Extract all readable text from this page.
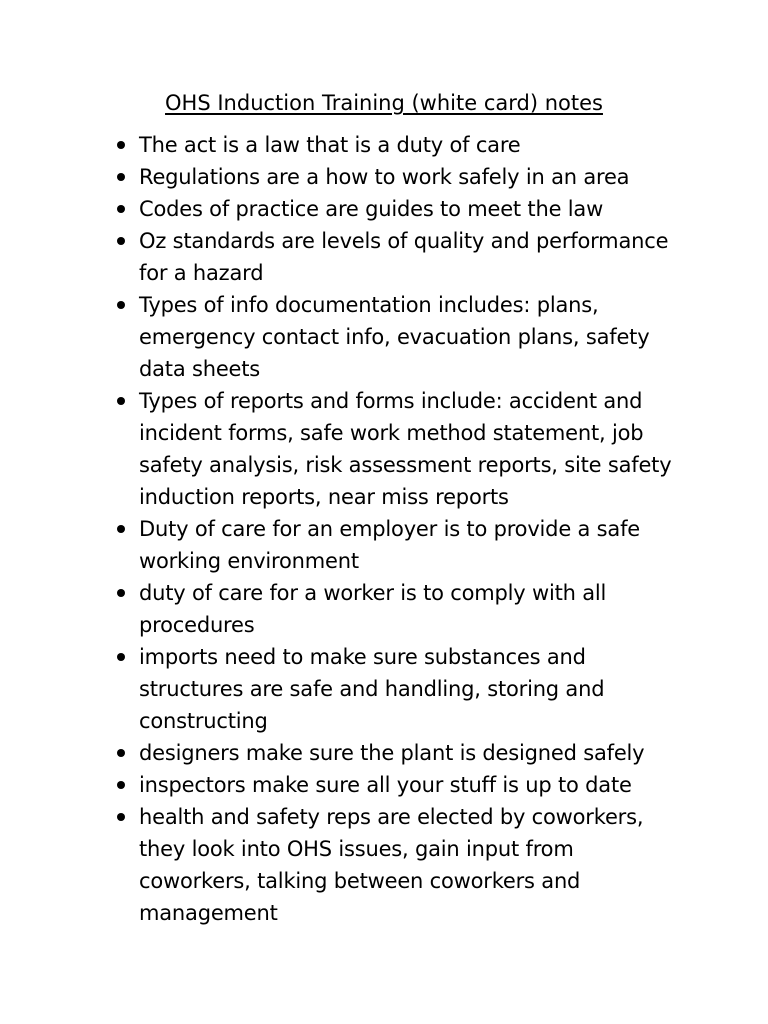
OHS Induction Training (white card) notes
The act is a law that is a duty of care
Regulations are a how to work safely in an area
Codes of practice are guides to meet the law
Oz standards are levels of quality and performance for a hazard
Types of info documentation includes: plans, emergency contact info, evacuation plans, safety data sheets
Types of reports and forms include: accident and incident forms, safe work method statement, job safety analysis, risk assessment reports, site safety induction reports, near miss reports
Duty of care for an employer is to provide a safe working environment
duty of care for a worker is to comply with all procedures
imports need to make sure substances and structures are safe and handling, storing and constructing
designers make sure the plant is designed safely
inspectors make sure all your stuff is up to date
health and safety reps are elected by coworkers, they look into OHS issues, gain input from coworkers, talking between coworkers and management
